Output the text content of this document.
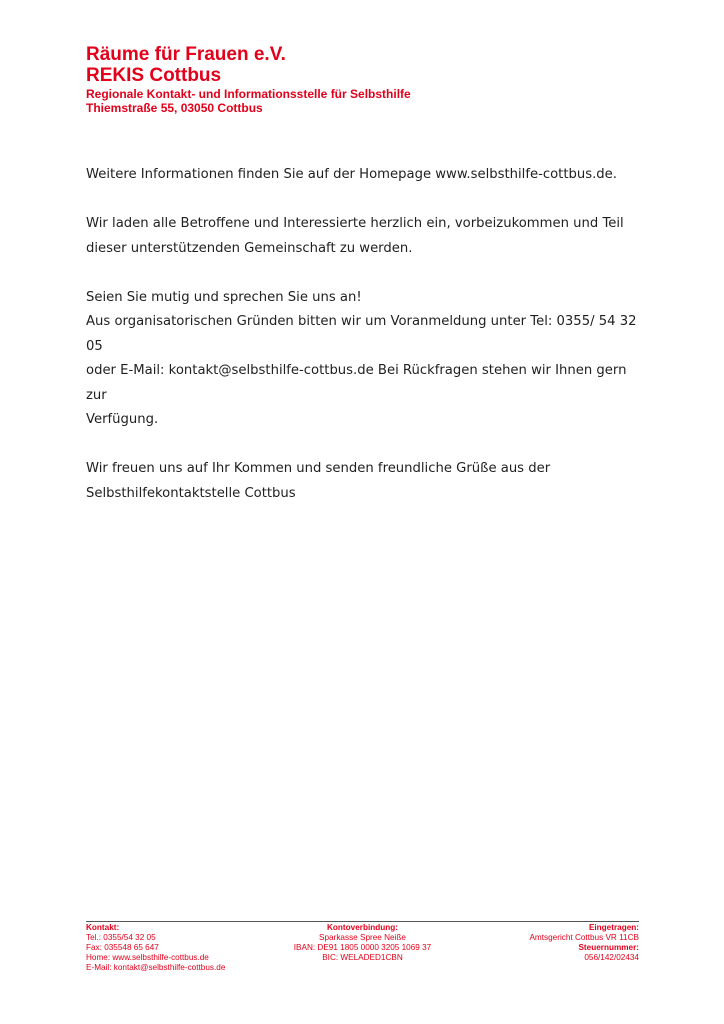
Räume für Frauen e.V.
REKIS Cottbus
Regionale Kontakt- und Informationsstelle für Selbsthilfe
Thiemstraße 55, 03050 Cottbus

Weitere Informationen finden Sie auf der Homepage www.selbsthilfe-cottbus.de.

Wir laden alle Betroffene und Interessierte herzlich ein, vorbeizukommen und Teil
dieser unterstützenden Gemeinschaft zu werden.

Seien Sie mutig und sprechen Sie uns an!
Aus organisatorischen Gründen bitten wir um Voranmeldung unter Tel: 0355/ 54 32 05
oder E-Mail: kontakt@selbsthilfe-cottbus.de Bei Rückfragen stehen wir Ihnen gern zur
Verfügung.

Wir freuen uns auf Ihr Kommen und senden freundliche Grüße aus der
Selbsthilfekontaktstelle Cottbus

Kontakt:
Tel.: 0355/54 32 05
Fax: 035548 65 647
Home: www.selbsthilfe-cottbus.de
E-Mail: kontakt@selbsthilfe-cottbus.de
Kontoverbindung:
Sparkasse Spree Neiße
IBAN: DE91 1805 0000 3205 1069 37
BIC: WELADED1CBN
Eingetragen:
Amtsgericht Cottbus VR 11CB
Steuernummer:
056/142/02434
